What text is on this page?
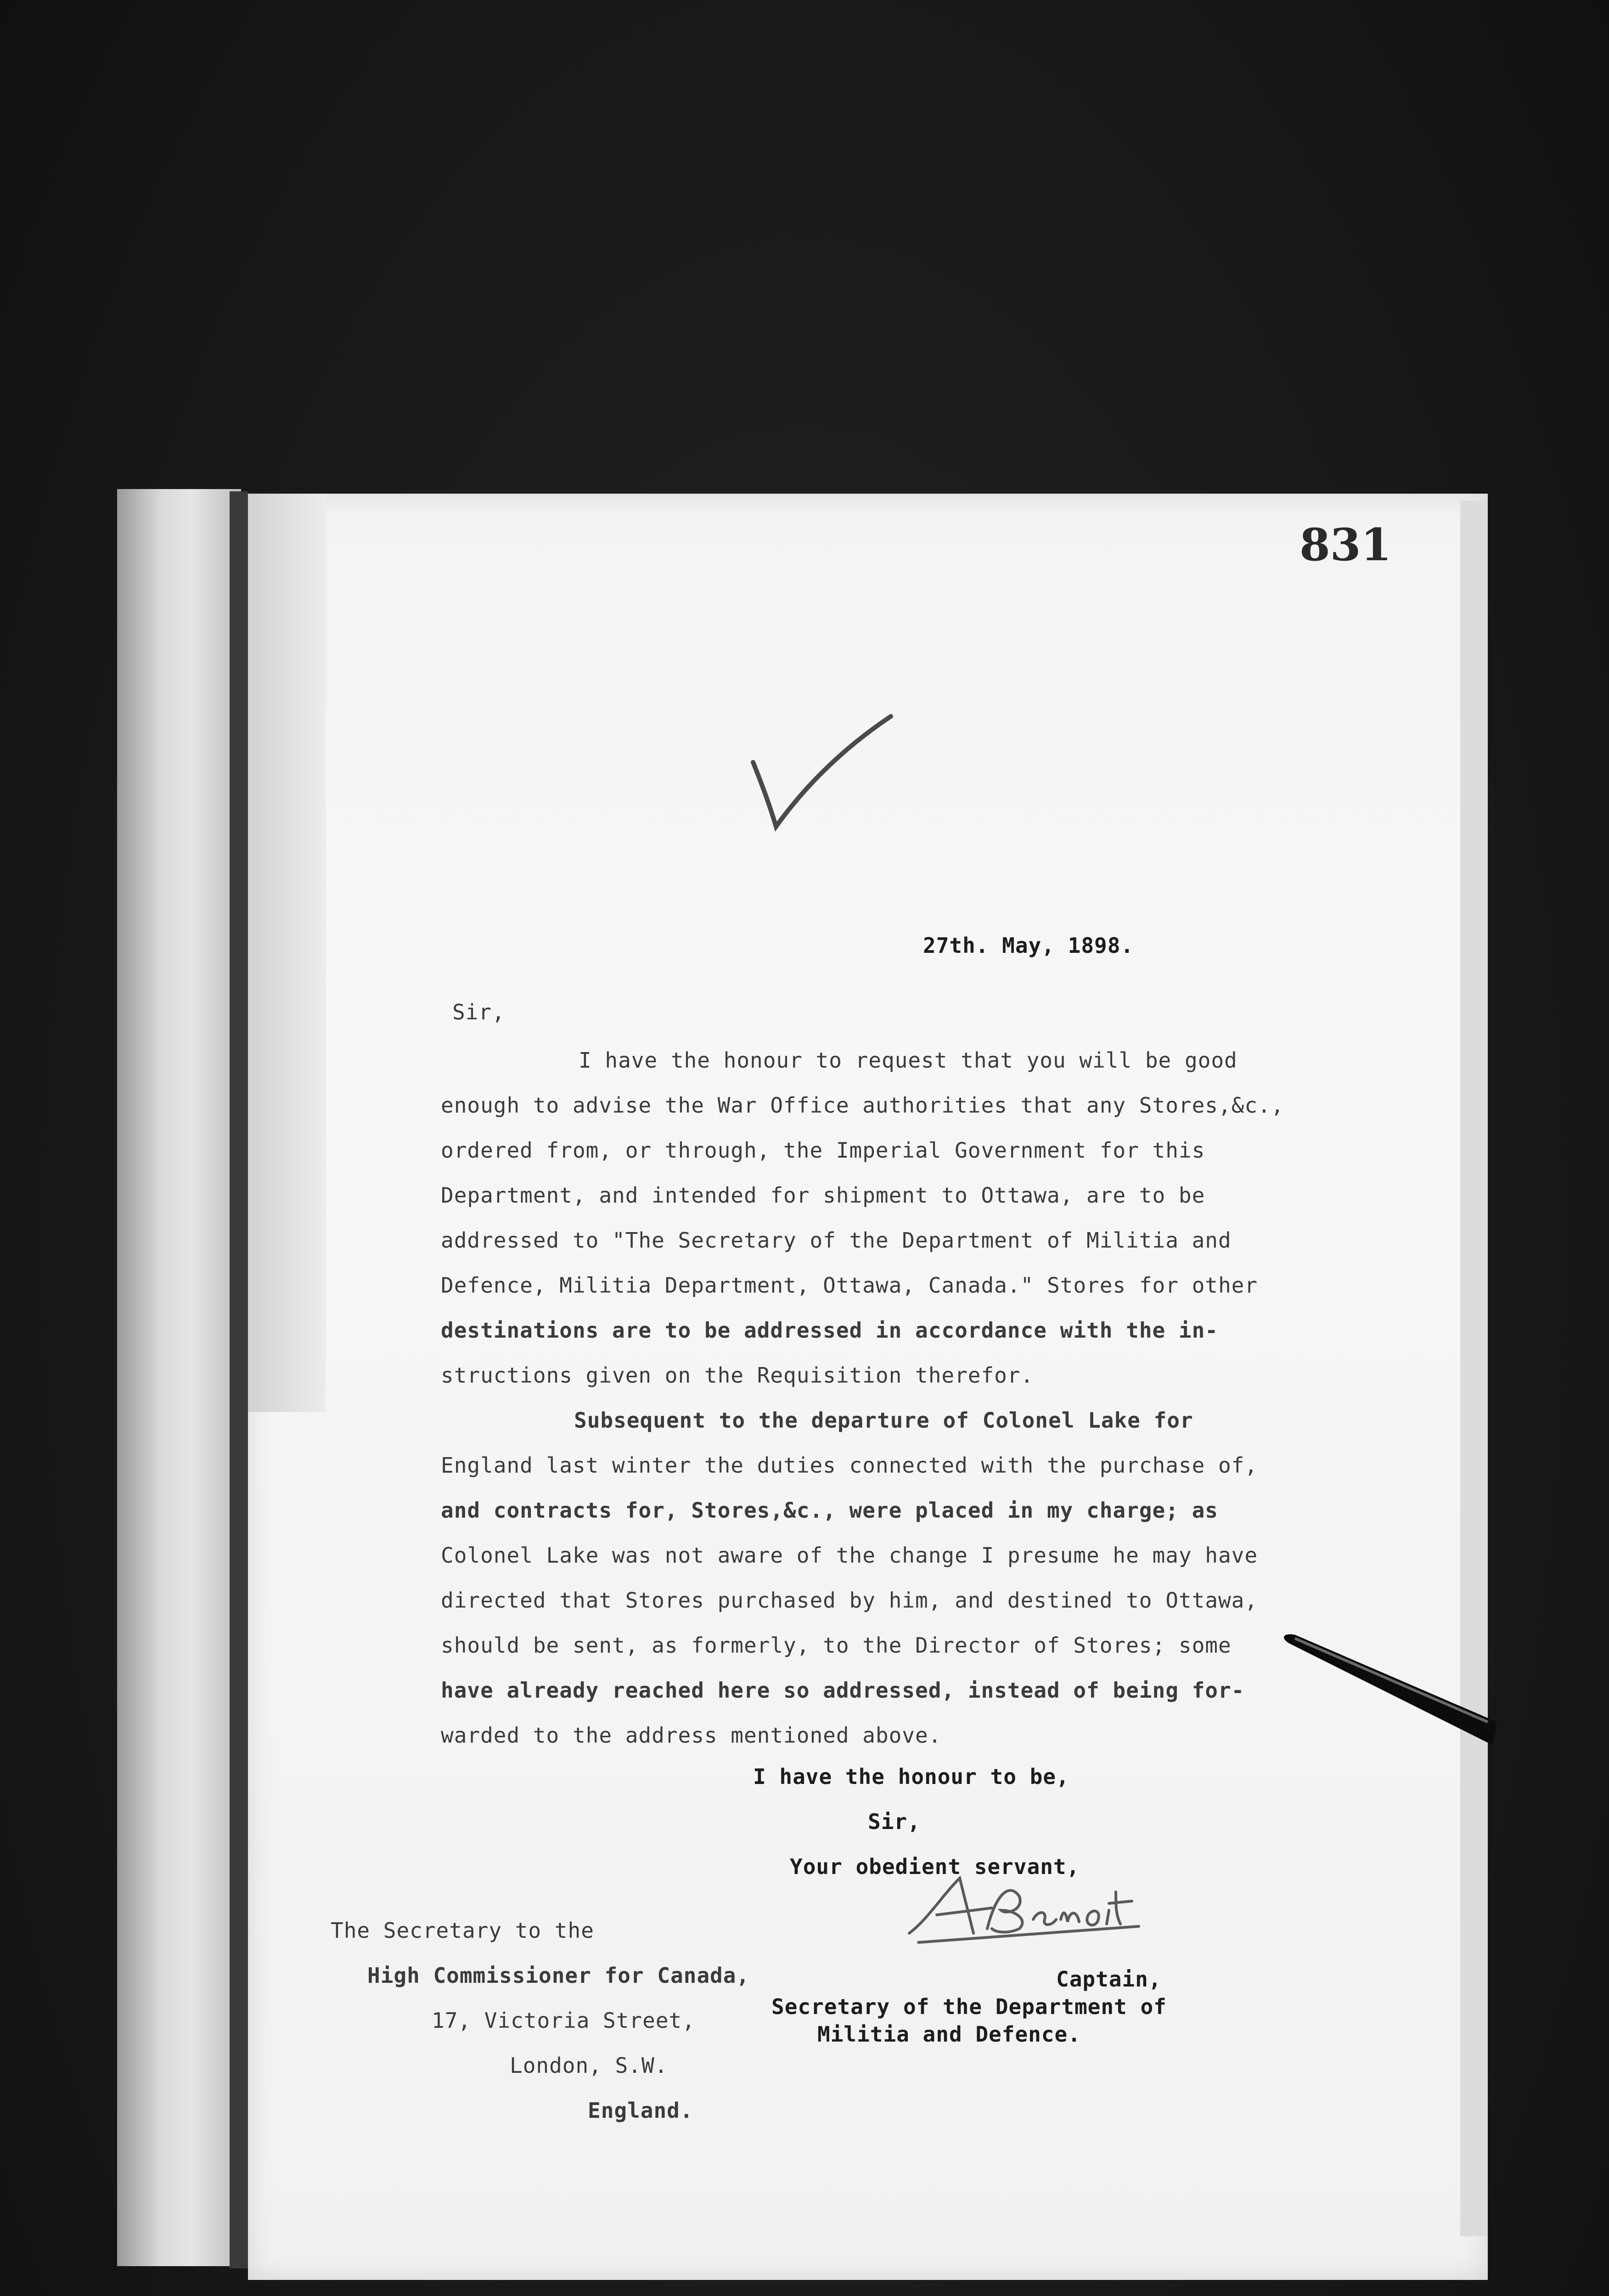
831
27th. May, 1898.
Sir,
I have the honour to request that you will be good
enough to advise the War Office authorities that any Stores,&c.,
ordered from, or through, the Imperial Government for this
Department, and intended for shipment to Ottawa, are to be
addressed to "The Secretary of the Department of Militia and
Defence, Militia Department, Ottawa, Canada." Stores for other
destinations are to be addressed in accordance with the in-
structions given on the Requisition therefor.
Subsequent to the departure of Colonel Lake for
England last winter the duties connected with the purchase of,
and contracts for, Stores,&c., were placed in my charge; as
Colonel Lake was not aware of the change I presume he may have
directed that Stores purchased by him, and destined to Ottawa,
should be sent, as formerly, to the Director of Stores; some
have already reached here so addressed, instead of being for-
warded to the address mentioned above.
I have the honour to be,
Sir,
Your obedient servant,
The Secretary to the
High Commissioner for Canada,
17, Victoria Street,
London, S.W.
England.
Captain,
Secretary of the Department of
Militia and Defence.
